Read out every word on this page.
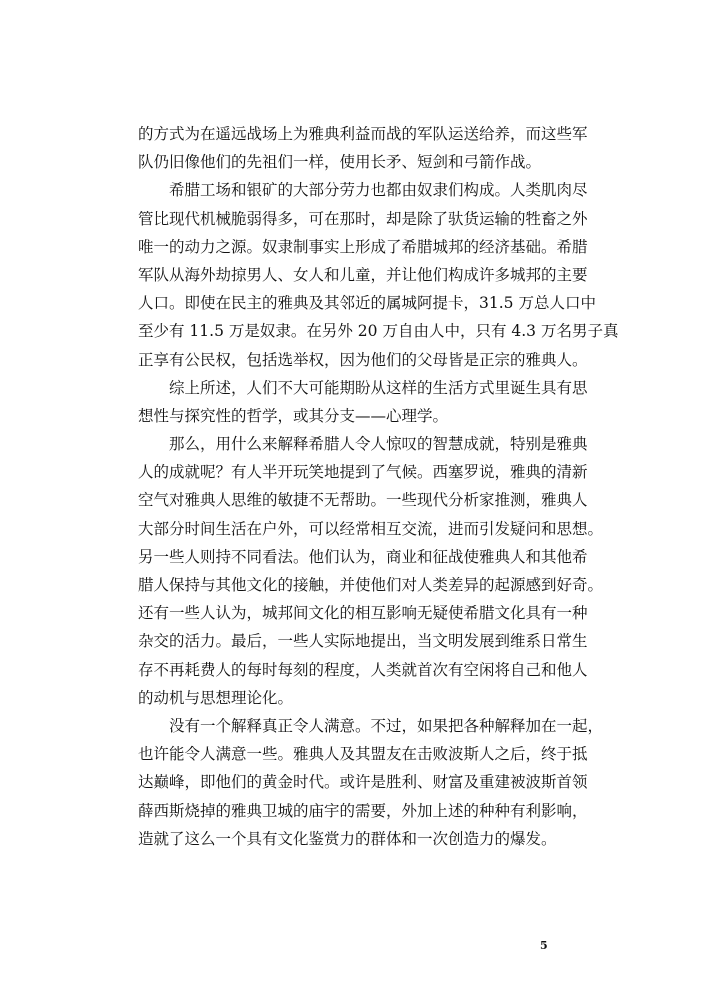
的方式为在遥远战场上为雅典利益而战的军队运送给养，而这些军
队仍旧像他们的先祖们一样，使用长矛、短剑和弓箭作战。
希腊工场和银矿的大部分劳力也都由奴隶们构成。人类肌肉尽
管比现代机械脆弱得多，可在那时，却是除了驮货运输的牲畜之外
唯一的动力之源。奴隶制事实上形成了希腊城邦的经济基础。希腊
军队从海外劫掠男人、女人和儿童，并让他们构成许多城邦的主要
人口。即使在民主的雅典及其邻近的属城阿提卡，31.5 万总人口中
至少有 11.5 万是奴隶。在另外 20 万自由人中，只有 4.3 万名男子真
正享有公民权，包括选举权，因为他们的父母皆是正宗的雅典人。
综上所述，人们不大可能期盼从这样的生活方式里诞生具有思
想性与探究性的哲学，或其分支——心理学。
那么，用什么来解释希腊人令人惊叹的智慧成就，特别是雅典
人的成就呢？有人半开玩笑地提到了气候。西塞罗说，雅典的清新
空气对雅典人思维的敏捷不无帮助。一些现代分析家推测，雅典人
大部分时间生活在户外，可以经常相互交流，进而引发疑问和思想。
另一些人则持不同看法。他们认为，商业和征战使雅典人和其他希
腊人保持与其他文化的接触，并使他们对人类差异的起源感到好奇。
还有一些人认为，城邦间文化的相互影响无疑使希腊文化具有一种
杂交的活力。最后，一些人实际地提出，当文明发展到维系日常生
存不再耗费人的每时每刻的程度，人类就首次有空闲将自己和他人
的动机与思想理论化。
没有一个解释真正令人满意。不过，如果把各种解释加在一起，
也许能令人满意一些。雅典人及其盟友在击败波斯人之后，终于抵
达巅峰，即他们的黄金时代。或许是胜利、财富及重建被波斯首领
薛西斯烧掉的雅典卫城的庙宇的需要，外加上述的种种有利影响，
造就了这么一个具有文化鉴赏力的群体和一次创造力的爆发。
5
